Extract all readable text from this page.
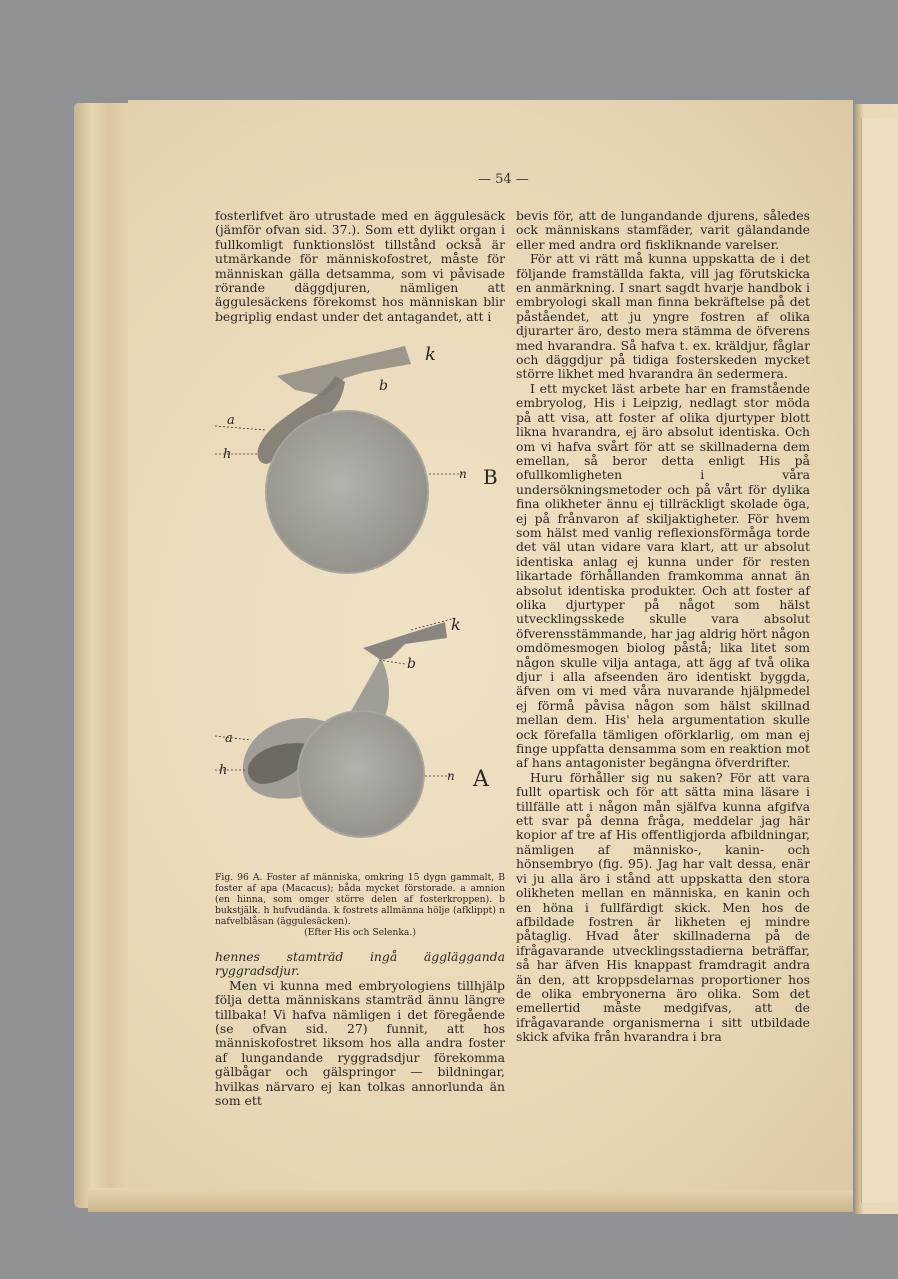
— 54 —

fosterlifvet äro utrustade med en äggulesäck (jämför ofvan sid. 37.). Som ett dylikt organ i fullkomligt funktionslöst tillstånd också är utmärkande för människofostret, måste för människan gälla detsamma, som vi påvisade rörande däggdjuren, nämligen att äggulesäckens förekomst hos människan blir begriplig endast under det antagandet, att i

k
b
a
h
n B
k
b
a
h	n A

Fig. 96 A. Foster af människa, omkring 15 dygn gammalt, B foster af apa (Macacus); båda mycket förstorade. a amnion (en hinna, som omger större delen af fosterkroppen). b bukstjälk. h hufvudända. k fostrets allmänna hölje (afklippt) n nafvelblåsan (äggulesäcken).

(Efter His och Selenka.)

hennes stamträd ingå ägglägganda ryggradsdjur.

Men vi kunna med embryologiens tillhjälp följa detta människans stamträd ännu längre tillbaka! Vi hafva nämligen i det föregående (se ofvan sid. 27) funnit, att hos människofostret liksom hos alla andra foster af lungandande ryggradsdjur förekomma gälbågar och gälspringor — bildningar, hvilkas närvaro ej kan tolkas annorlunda än som ett

bevis för, att de lungandande djurens, således ock människans stamfäder, varit gälandande eller med andra ord fiskliknande varelser.

För att vi rätt må kunna uppskatta de i det följande framställda fakta, vill jag förutskicka en anmärkning. I snart sagdt hvarje handbok i embryologi skall man finna bekräftelse på det påståendet, att ju yngre fostren af olika djurarter äro, desto mera stämma de öfverens med hvarandra. Så hafva t. ex. kräldjur, fåglar och däggdjur på tidiga fosterskeden mycket större likhet med hvarandra än sedermera.

I ett mycket läst arbete har en framstående embryolog, His i Leipzig, nedlagt stor möda på att visa, att foster af olika djurtyper blott likna hvarandra, ej äro absolut identiska. Och om vi hafva svårt för att se skillnaderna dem emellan, så beror detta enligt His på ofullkomligheten i våra undersökningsmetoder och på vårt för dylika fina olikheter ännu ej tillräckligt skolade öga, ej på frånvaron af skiljaktigheter. För hvem som hälst med vanlig reflexionsförmåga torde det väl utan vidare vara klart, att ur absolut identiska anlag ej kunna under för resten likartade förhållanden framkomma annat än absolut identiska produkter. Och att foster af olika djurtyper på något som hälst utvecklingsskede skulle vara absolut öfverensstämmande, har jag aldrig hört någon omdömesmogen biolog påstå; lika litet som någon skulle vilja antaga, att ägg af två olika djur i alla afseenden äro identiskt byggda, äfven om vi med våra nuvarande hjälpmedel ej förmå påvisa någon som hälst skillnad mellan dem. His' hela argumentation skulle ock förefalla tämligen oförklarlig, om man ej finge uppfatta densamma som en reaktion mot af hans antagonister begängna öfverdrifter.

Huru förhåller sig nu saken? För att vara fullt opartisk och för att sätta mina läsare i tillfälle att i någon mån själfva kunna afgifva ett svar på denna fråga, meddelar jag här kopior af tre af His offentligjorda afbildningar, nämligen af människo-, kanin- och hönsembryo (fig. 95). Jag har valt dessa, enär vi ju alla äro i stånd att uppskatta den stora olikheten mellan en människa, en kanin och en höna i fullfärdigt skick. Men hos de afbildade fostren är likheten ej mindre påtaglig. Hvad åter skillnaderna på de ifrågavarande utvecklingsstadierna beträffar, så har äfven His knappast framdragit andra än den, att kroppsdelarnas proportioner hos de olika embryonerna äro olika. Som det emellertid måste medgifvas, att de ifrågavarande organismerna i sitt utbildade skick afvika från hvarandra i bra
